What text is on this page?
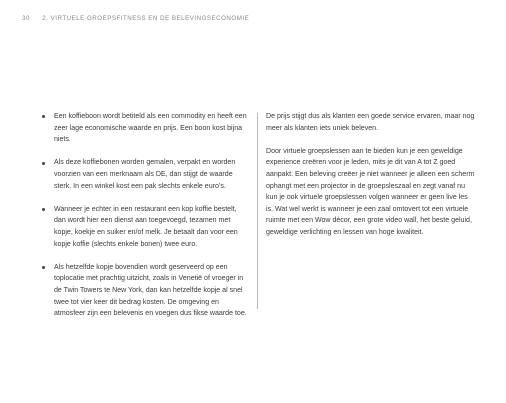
30 2. VIRTUELE GROEPSFITNESS EN DE BELEVINGSECONOMIE
Een koffieboon wordt betiteld als een commodity en heeft een zeer lage economische waarde en prijs. Een boon kost bijna niets.
Als deze koffiebonen worden gemalen, verpakt en worden voorzien van een merknaam als DE, dan stijgt de waarde sterk. In een winkel kost een pak slechts enkele euro’s.
Wanneer je echter in een restaurant een kop koffie bestelt, dan wordt hier een dienst aan toegevoegd, tezamen met kopje, koekje en suiker en/of melk. Je betaalt dan voor een kopje koffie (slechts enkele bonen) twee euro.
Als hetzelfde kopje bovendien wordt geserveerd op een toplocatie met prachtig uitzicht, zoals in Venetië of vroeger in de Twin Towers te New York, dan kan hetzelfde kopje al snel twee tot vier keer dit bedrag kosten. De omgeving en atmosfeer zijn een belevenis en voegen dus fikse waarde toe.

De prijs stijgt dus als klanten een goede service ervaren, maar nog meer als klanten iets uniek beleven.

Door virtuele groepslessen aan te bieden kun je een geweldige experience creëren voor je leden, mits je dit van A tot Z goed aanpakt. Een beleving creëer je niet wanneer je alleen een scherm ophangt met een projector in de groepsleszaal en zegt vanaf nu kun je ook virtuele groepslessen volgen wanneer er geen live les is. Wat wel werkt is wanneer je een zaal omtovert tot een virtuele ruimte met een Wow décor, een grote video wall, het beste geluid, geweldige verlichting en lessen van hoge kwaliteit.
